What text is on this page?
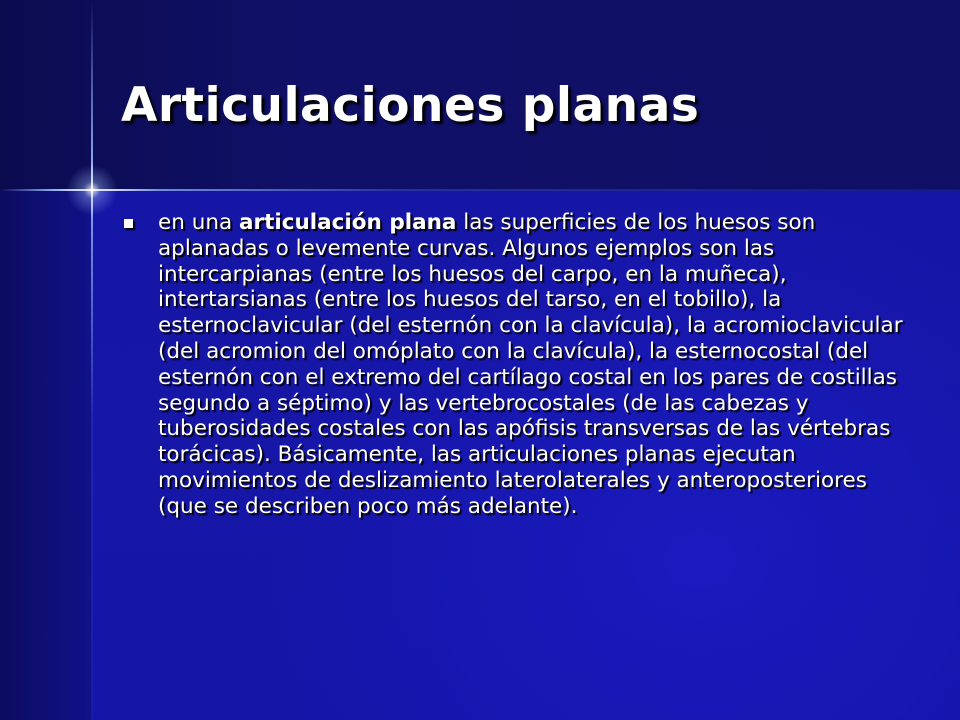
Articulaciones planas
en una articulación plana las superficies de los huesos son aplanadas o levemente curvas. Algunos ejemplos son las intercarpianas (entre los huesos del carpo, en la muñeca), intertarsianas (entre los huesos del tarso, en el tobillo), la esternoclavicular (del esternón con la clavícula), la acromioclavicular (del acromion del omóplato con la clavícula), la esternocostal (del esternón con el extremo del cartílago costal en los pares de costillas segundo a séptimo) y las vertebrocostales (de las cabezas y tuberosidades costales con las apófisis transversas de las vértebras torácicas). Básicamente, las articulaciones planas ejecutan movimientos de deslizamiento laterolaterales y anteroposteriores (que se describen poco más adelante).
